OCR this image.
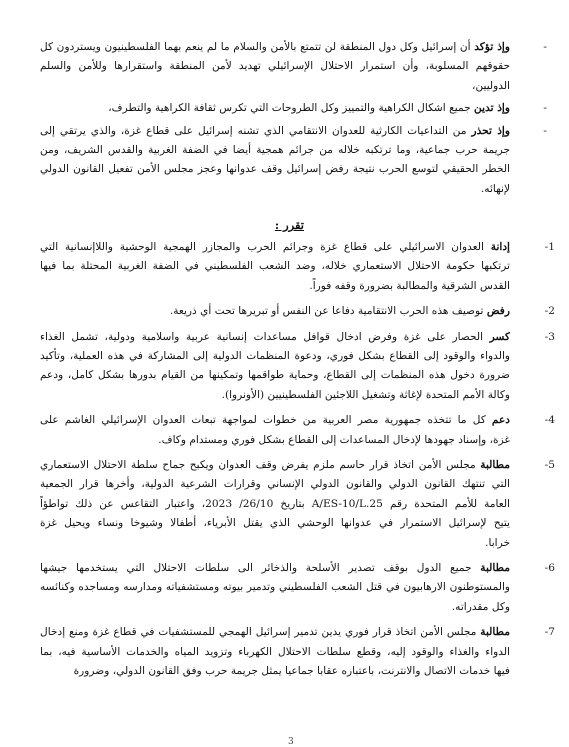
-
وإذ تؤكد أن إسرائيل وكل دول المنطقة لن تتمتع بالأمن والسلام ما لم ينعم بهما الفلسطينيون ويستردون كل
حقوقهم المسلوبة، وأن استمرار الاحتلال الإسرائيلي تهديد لأمن المنطقة واستقرارها وللأمن والسلم
الدوليين،
-
وإذ تدين جميع اشكال الكراهية والتمييز وكل الطروحات التي تكرس ثقافة الكراهية والتطرف،
-
وإذ تحذر من التداعيات الكارثية للعدوان الانتقامي الذي تشنه إسرائيل على قطاع غزة، والذي يرتقي إلى
جريمة حرب جماعية، وما ترتكبه خلاله من جرائم همجية أيضا في الضفة الغربية والقدس الشريف، ومن
الخطر الحقيقي لتوسع الحرب نتيجة رفض إسرائيل وقف عدوانها وعجز مجلس الأمن تفعيل القانون الدولي
لإنهائه.
تقرر :
-1
إدانة العدوان الاسرائيلي على قطاع غزة وجرائم الحرب والمجازر الهمجية الوحشية واللاإنسانية التي
ترتكبها حكومة الاحتلال الاستعماري خلاله، وضد الشعب الفلسطيني في الضفة الغربية المحتلة بما فيها
القدس الشرقية والمطالبة بضرورة وقفه فوراً.
-2
رفض توصيف هذه الحرب الانتقامية دفاعا عن النفس أو تبريرها تحت أي ذريعة.
-3
كسر الحصار على غزة وفرض ادخال قوافل مساعدات إنسانية عربية واسلامية ودولية، تشمل الغذاء
والدواء والوقود إلى القطاع بشكل فوري، ودعوة المنظمات الدولية إلى المشاركة في هذه العملية، وتأكيد
ضرورة دخول هذه المنظمات إلى القطاع، وحماية طواقمها وتمكينها من القيام بدورها بشكل كامل، ودعم
وكالة الأمم المتحدة لإغاثة وتشغيل اللاجئين الفلسطينيين (الأونروا).
-4
دعم كل ما تتخذه جمهورية مصر العربية من خطوات لمواجهة تبعات العدوان الإسرائيلي الغاشم على
غزة، وإسناد جهودها لإدخال المساعدات إلى القطاع بشكل فوري ومستدام وكاف.
-5
مطالبة مجلس الأمن اتخاذ قرار حاسم ملزم يفرض وقف العدوان ويكبح جماح سلطة الاحتلال الاستعماري
التي تنتهك القانون الدولي والقانون الدولي الإنساني وقرارات الشرعية الدولية، وأخرها قرار الجمعية
العامة للأمم المتحدة رقم A/ES-10/L.25 بتاريخ 26/10/ 2023، واعتبار التقاعس عن ذلك تواطؤاً
يتيح لإسرائيل الاستمرار في عدوانها الوحشي الذي يقتل الأبرياء، أطفالا وشيوخا ونساء ويحيل غزة
خرابا.
-6
مطالبة جميع الدول بوقف تصدير الأسلحة والذخائر الى سلطات الاحتلال التي يستخدمها جيشها
والمستوطنون الارهابيون في قتل الشعب الفلسطيني وتدمير بيوته ومستشفياته ومدارسه ومساجده وكنائسه
وكل مقدراته.
-7
مطالبة مجلس الأمن اتخاذ قرار فوري يدين تدمير إسرائيل الهمجي للمستشفيات في قطاع غزة ومنع إدخال
الدواء والغذاء والوقود إليه، وقطع سلطات الاحتلال الكهرباء وتزويد المياه والخدمات الأساسية فيه، بما
فيها خدمات الاتصال والانترنت، باعتباره عقابا جماعيا يمثل جريمة حرب وفق القانون الدولي، وضرورة
3
